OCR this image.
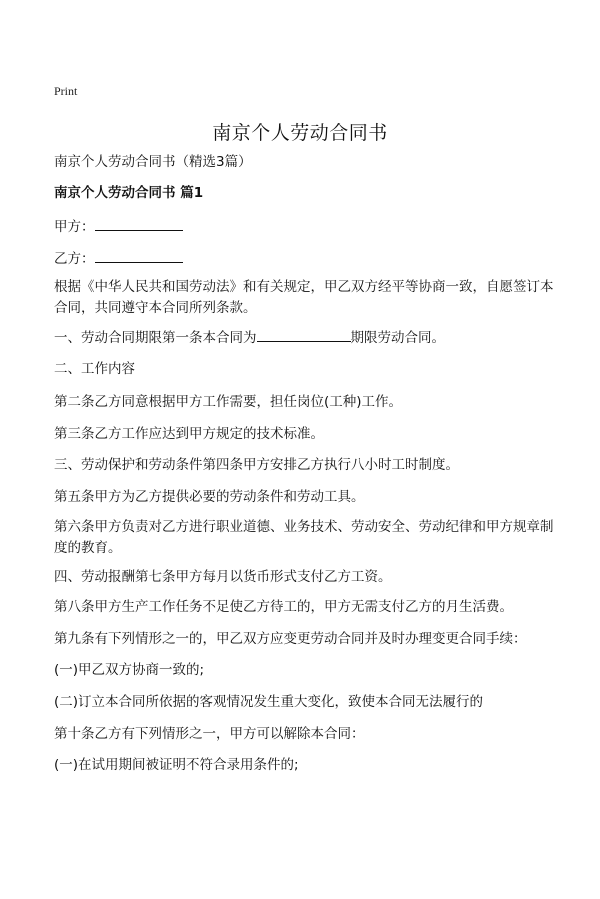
Print
南京个人劳动合同书
南京个人劳动合同书（精选3篇）
南京个人劳动合同书 篇1
甲方：
乙方：
根据《中华人民共和国劳动法》和有关规定，甲乙双方经平等协商一致，自愿签订本合同，共同遵守本合同所列条款。
一、劳动合同期限第一条本合同为	期限劳动合同。
二、工作内容
第二条乙方同意根据甲方工作需要，担任岗位(工种)工作。
第三条乙方工作应达到甲方规定的技术标准。
三、劳动保护和劳动条件第四条甲方安排乙方执行八小时工时制度。
第五条甲方为乙方提供必要的劳动条件和劳动工具。
第六条甲方负责对乙方进行职业道德、业务技术、劳动安全、劳动纪律和甲方规章制度的教育。
四、劳动报酬第七条甲方每月以货币形式支付乙方工资。
第八条甲方生产工作任务不足使乙方待工的，甲方无需支付乙方的月生活费。
第九条有下列情形之一的，甲乙双方应变更劳动合同并及时办理变更合同手续：
(一)甲乙双方协商一致的;
(二)订立本合同所依据的客观情况发生重大变化，致使本合同无法履行的
第十条乙方有下列情形之一，甲方可以解除本合同：
(一)在试用期间被证明不符合录用条件的;
